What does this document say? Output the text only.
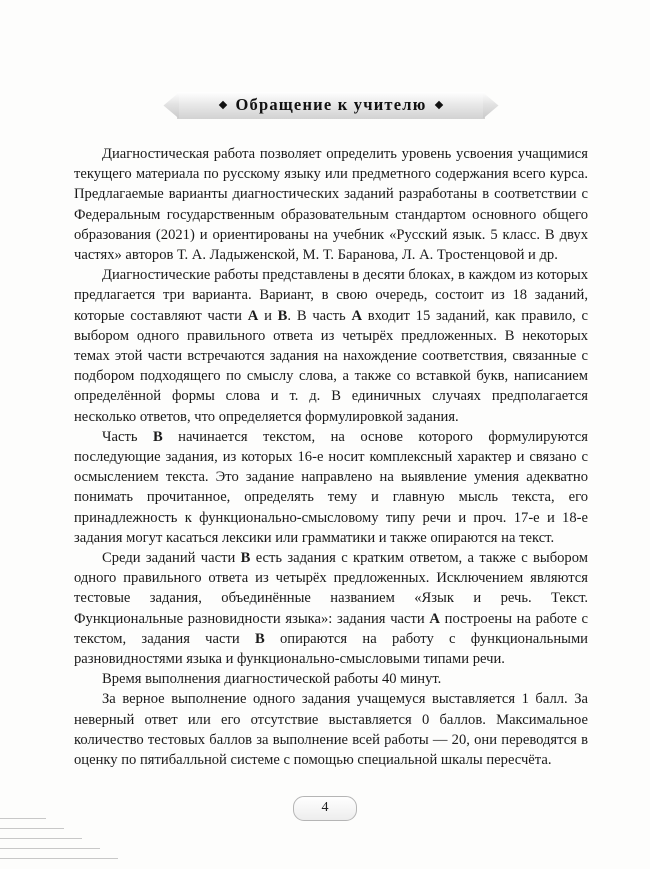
Обращение к учителю

Диагностическая работа позволяет определить уровень усвоения учащимися текущего материала по русскому языку или предметного содержания всего курса. Предлагаемые варианты диагностических заданий разработаны в соответствии с Федеральным государственным образовательным стандартом основного общего образования (2021) и ориентированы на учебник «Русский язык. 5 класс. В двух частях» авторов Т. А. Ладыженской, М. Т. Баранова, Л. А. Тростенцовой и др.

Диагностические работы представлены в десяти блоках, в каждом из которых предлагается три варианта. Вариант, в свою очередь, состоит из 18 заданий, которые составляют части A и B. В часть A входит 15 заданий, как правило, с выбором одного правильного ответа из четырёх предложенных. В некоторых темах этой части встречаются задания на нахождение соответствия, связанные с подбором подходящего по смыслу слова, а также со вставкой букв, написанием определённой формы слова и т. д. В единичных случаях предполагается несколько ответов, что определяется формулировкой задания.

Часть B начинается текстом, на основе которого формулируются последующие задания, из которых 16-е носит комплексный характер и связано с осмыслением текста. Это задание направлено на выявление умения адекватно понимать прочитанное, определять тему и главную мысль текста, его принадлежность к функционально-смысловому типу речи и проч. 17-е и 18-е задания могут касаться лексики или грамматики и также опираются на текст.

Среди заданий части B есть задания с кратким ответом, а также с выбором одного правильного ответа из четырёх предложенных. Исключением являются тестовые задания, объединённые названием «Язык и речь. Текст. Функциональные разновидности языка»: задания части A построены на работе с текстом, задания части B опираются на работу с функциональными разновидностями языка и функционально-смысловыми типами речи.

Время выполнения диагностической работы 40 минут.

За верное выполнение одного задания учащемуся выставляется 1 балл. За неверный ответ или его отсутствие выставляется 0 баллов. Максимальное количество тестовых баллов за выполнение всей работы — 20, они переводятся в оценку по пятибалльной системе с помощью специальной шкалы пересчёта.

4
